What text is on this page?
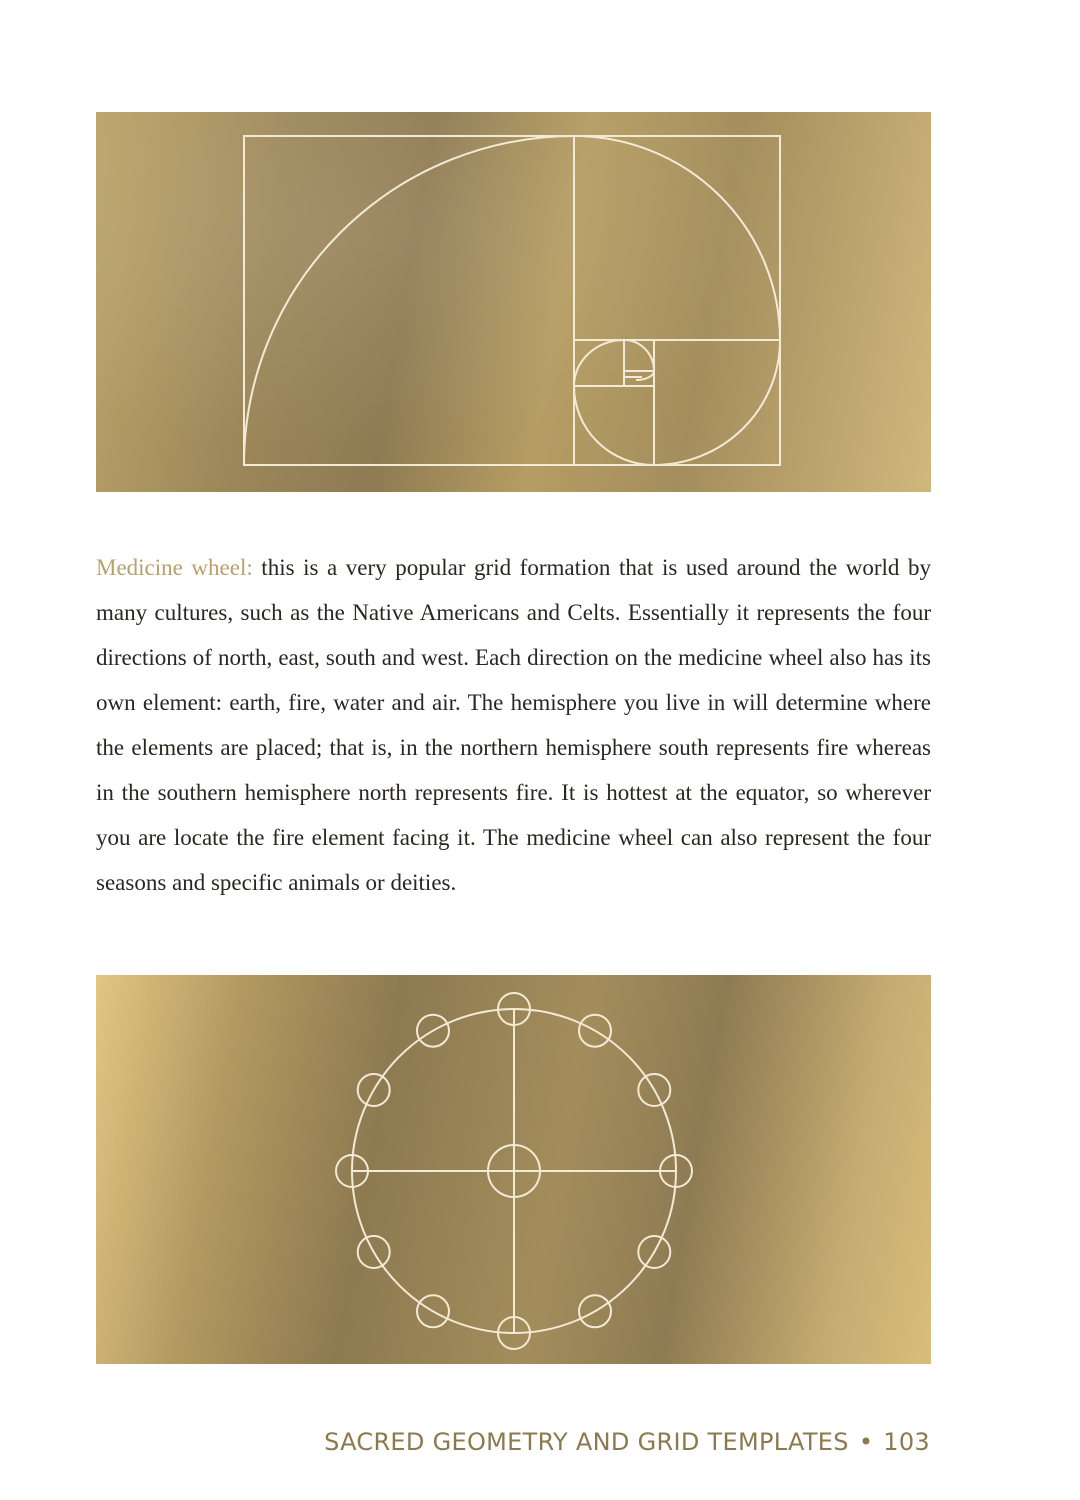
Medicine wheel: this is a very popular grid formation that is used around the world by many cultures, such as the Native Americans and Celts. Essentially it represents the four directions of north, east, south and west. Each direction on the medicine wheel also has its own element: earth, fire, water and air. The hemisphere you live in will determine where the elements are placed; that is, in the northern hemisphere south represents fire whereas in the southern hemisphere north represents fire. It is hottest at the equator, so wherever you are locate the fire element facing it. The medicine wheel can also represent the four seasons and specific animals or deities.

SACRED GEOMETRY AND GRID TEMPLATES • 103
